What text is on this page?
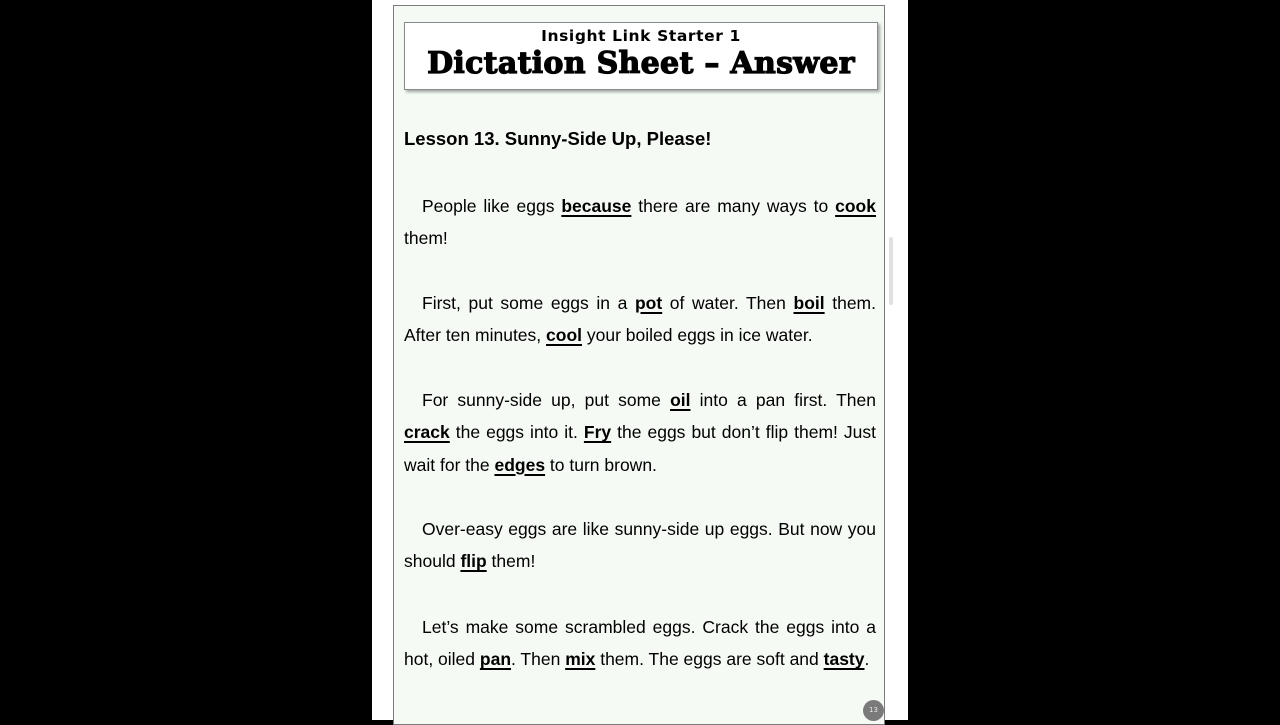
Insight Link Starter 1
Dictation Sheet – Answer
Lesson 13. Sunny-Side Up, Please!
People like eggs because there are many ways to cook them!
First, put some eggs in a pot of water. Then boil them. After ten minutes, cool your boiled eggs in ice water.
For sunny-side up, put some oil into a pan first. Then crack the eggs into it. Fry the eggs but don’t flip them! Just wait for the edges to turn brown.
Over-easy eggs are like sunny-side up eggs. But now you should flip them!
Let’s make some scrambled eggs. Crack the eggs into a hot, oiled pan. Then mix them. The eggs are soft and tasty.
13
